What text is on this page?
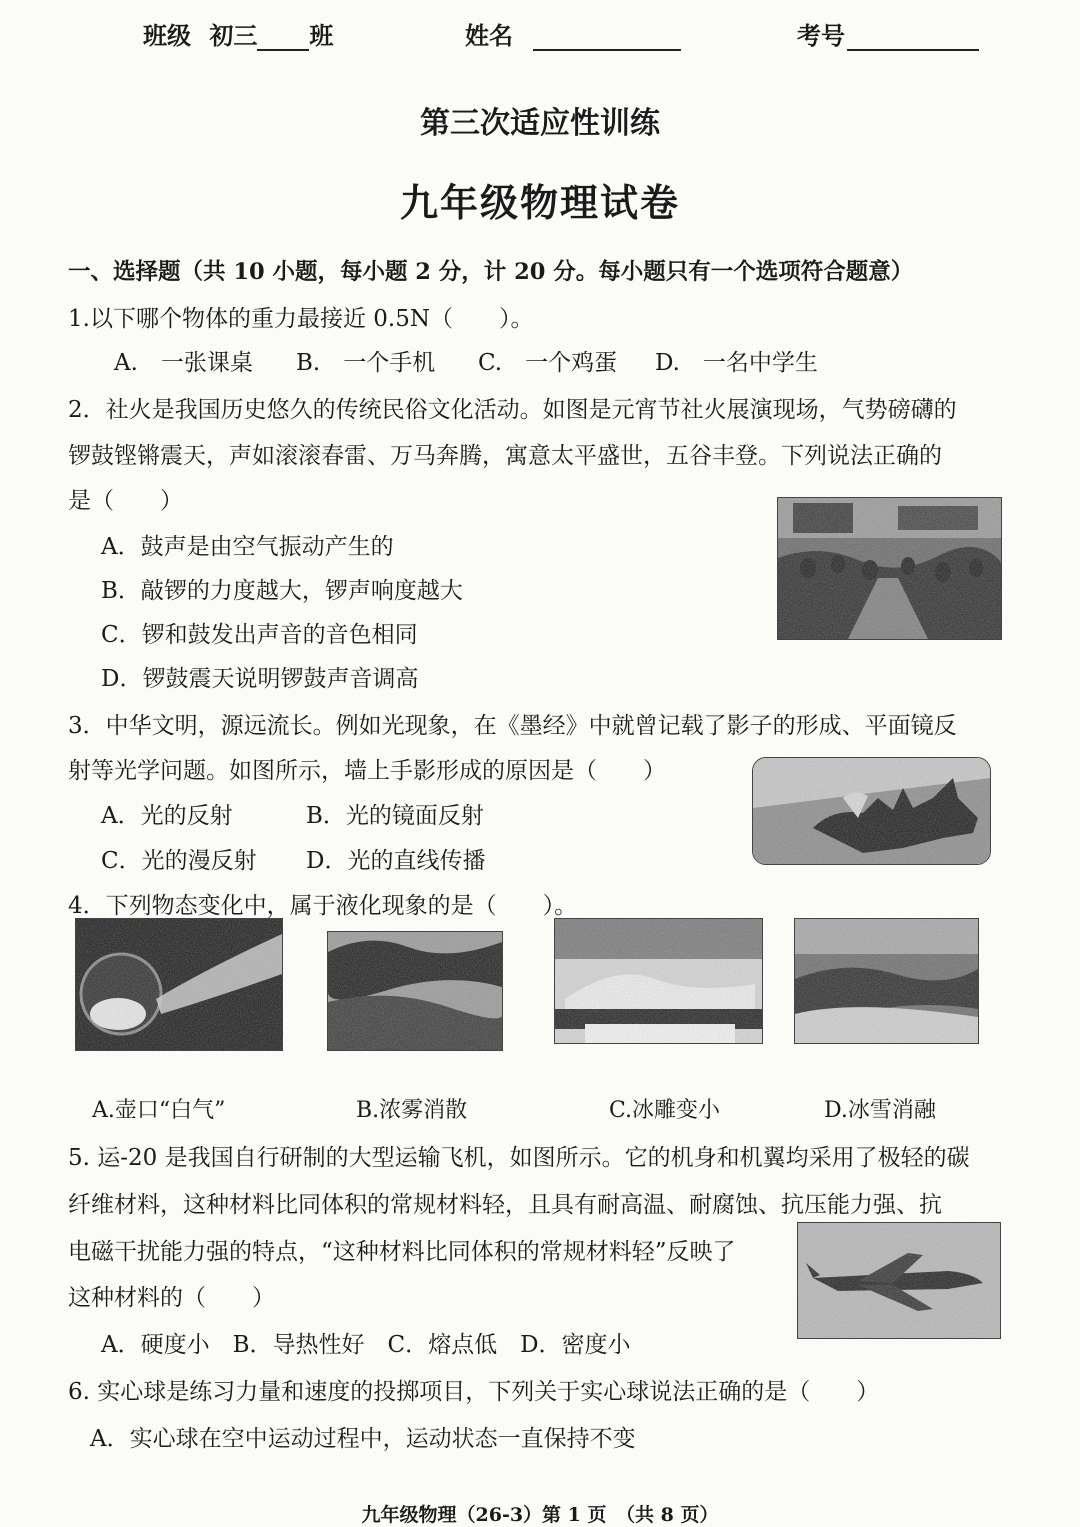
班级 初三 班	姓名	考号
第三次适应性训练
九年级物理试卷
一、选择题（共 10 小题，每小题 2 分，计 20 分。每小题只有一个选项符合题意）
1.以下哪个物体的重力最接近 0.5N（　　）。
A.　一张课桌 B.　一个手机 C.　一个鸡蛋 D.　一名中学生
2．社火是我国历史悠久的传统民俗文化活动。如图是元宵节社火展演现场，气势磅礴的
锣鼓铿锵震天，声如滚滚春雷、万马奔腾，寓意太平盛世，五谷丰登。下列说法正确的
是（　　）
A．鼓声是由空气振动产生的
B．敲锣的力度越大，锣声响度越大
C．锣和鼓发出声音的音色相同
D．锣鼓震天说明锣鼓声音调高
3．中华文明，源远流长。例如光现象，在《墨经》中就曾记载了影子的形成、平面镜反
射等光学问题。如图所示，墙上手影形成的原因是（　　）
A．光的反射	B．光的镜面反射
C．光的漫反射 D．光的直线传播
4．下列物态变化中，属于液化现象的是（　　）。
A.壶口“白气”	B.浓雾消散	C.冰雕变小	D.冰雪消融
5. 运-20 是我国自行研制的大型运输飞机，如图所示。它的机身和机翼均采用了极轻的碳
纤维材料，这种材料比同体积的常规材料轻，且具有耐高温、耐腐蚀、抗压能力强、抗
电磁干扰能力强的特点，“这种材料比同体积的常规材料轻”反映了
这种材料的（　　）
A．硬度小　B．导热性好　C．熔点低　D．密度小
6. 实心球是练习力量和速度的投掷项目，下列关于实心球说法正确的是（　　）
A．实心球在空中运动过程中，运动状态一直保持不变
九年级物理（26-3）第 1 页　（共 8 页）
